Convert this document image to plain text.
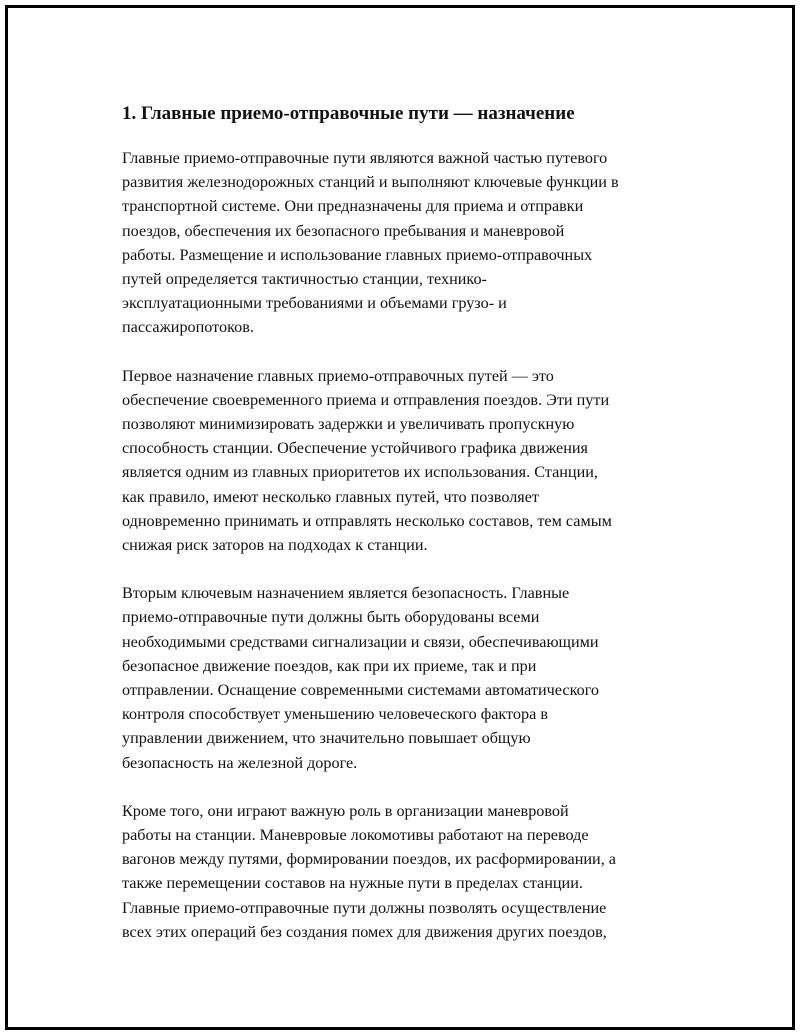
1. Главные приемо-отправочные пути — назначение

Главные приемо-отправочные пути являются важной частью путевого
развития железнодорожных станций и выполняют ключевые функции в
транспортной системе. Они предназначены для приема и отправки
поездов, обеспечения их безопасного пребывания и маневровой
работы. Размещение и использование главных приемо-отправочных
путей определяется тактичностью станции, технико-
эксплуатационными требованиями и объемами грузо- и
пассажиропотоков.

Первое назначение главных приемо-отправочных путей — это
обеспечение своевременного приема и отправления поездов. Эти пути
позволяют минимизировать задержки и увеличивать пропускную
способность станции. Обеспечение устойчивого графика движения
является одним из главных приоритетов их использования. Станции,
как правило, имеют несколько главных путей, что позволяет
одновременно принимать и отправлять несколько составов, тем самым
снижая риск заторов на подходах к станции.

Вторым ключевым назначением является безопасность. Главные
приемо-отправочные пути должны быть оборудованы всеми
необходимыми средствами сигнализации и связи, обеспечивающими
безопасное движение поездов, как при их приеме, так и при
отправлении. Оснащение современными системами автоматического
контроля способствует уменьшению человеческого фактора в
управлении движением, что значительно повышает общую
безопасность на железной дороге.

Кроме того, они играют важную роль в организации маневровой
работы на станции. Маневровые локомотивы работают на переводе
вагонов между путями, формировании поездов, их расформировании, а
также перемещении составов на нужные пути в пределах станции.
Главные приемо-отправочные пути должны позволять осуществление
всех этих операций без создания помех для движения других поездов,
